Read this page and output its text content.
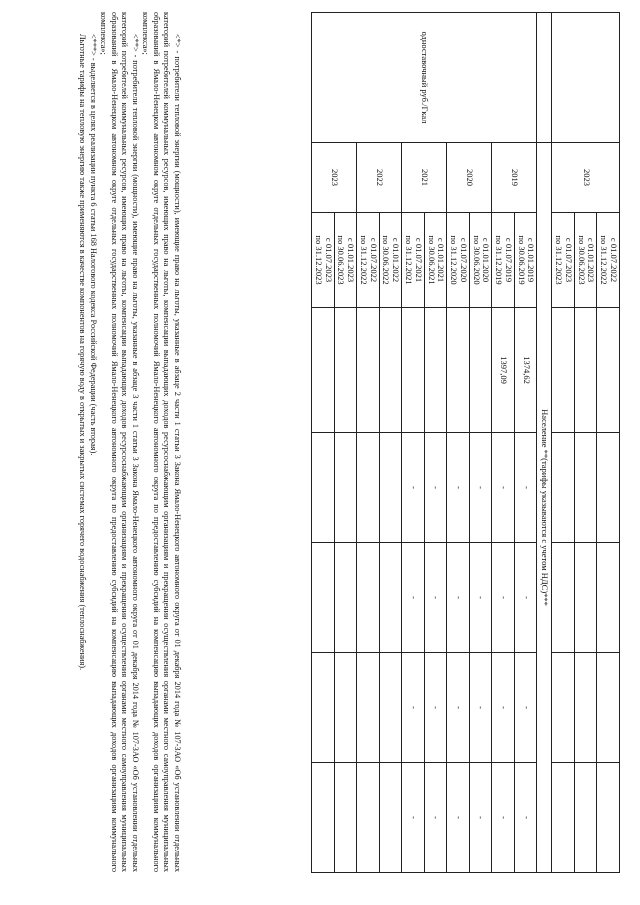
	2023	с 01.07.2022
по 31.12.2022					

		с 01.01.2023
по 30.06.2023					

		с 01.07.2023
по 31.12.2023					

	Население **(тарифы указываются с учетом НДС)***						
одноставочный руб./Гкал	2019	с 01.01.2019
по 30.06.2019	1374,62	-	-	-	-

		с 01.07.2019
по 31.12.2019	1397,09	-	-	-	-
	2020	с 01.01.2020
по 30.06.2020		-	-	-	-

		с 01.07.2020
по 31.12.2020		-	-	-	-
	2021	с 01.01.2021
по 30.06.2021		-	-	-	-

		с 01.07.2021
по 31.12.2021		-	-	-	-
	2022	с 01.01.2022
по 30.06.2022					

		с 01.07.2022
по 31.12.2022					

	2023	с 01.01.2023
по 30.06.2023					

		с 01.07.2023
по 31.12.2023					

<*> - потребители тепловой энергии (мощности), имеющие право на льготы, указанные в абзаце 2 части 1 статьи 3 Закона Ямало-Ненецкого автономного округа от 01 декабря 2014 года № 107-ЗАО «Об установлении отдельных категорий потребителей коммунальных ресурсов, имеющих право на льготы, компенсации выпадающих доходов ресурсоснабжающим организациям и прекращении осуществления органами местного самоуправления муниципальных образований в Ямало-Ненецком автономном округе отдельных государственных полномочий Ямало-Ненецкого автономного округа по предоставлению субсидий на компенсацию выпадающих доходов организациям коммунального комплекса»;

<**> - потребители тепловой энергии (мощности), имеющие право на льготы, указанные в абзаце 3 части 1 статьи 3 Закона Ямало-Ненецкого автономного округа от 01 декабря 2014 года № 107-ЗАО «Об установлении отдельных категорий потребителей коммунальных ресурсов, имеющих право на льготы, компенсации выпадающих доходов ресурсоснабжающим организациям и прекращении осуществления органами местного самоуправления муниципальных образований в Ямало-Ненецком автономном округе отдельных государственных полномочий Ямало-Ненецкого автономного округа по предоставлению субсидий на компенсацию выпадающих доходов организациям коммунального комплекса»;

<***> - выделяется в целях реализации пункта 6 статьи 168 Налогового кодекса Российской Федерации (часть вторая).

Льготные тарифы на тепловую энергию также применяются в качестве компонентов на горячую воду в открытых и закрытых системах горячего водоснабжения (теплоснабжения).
